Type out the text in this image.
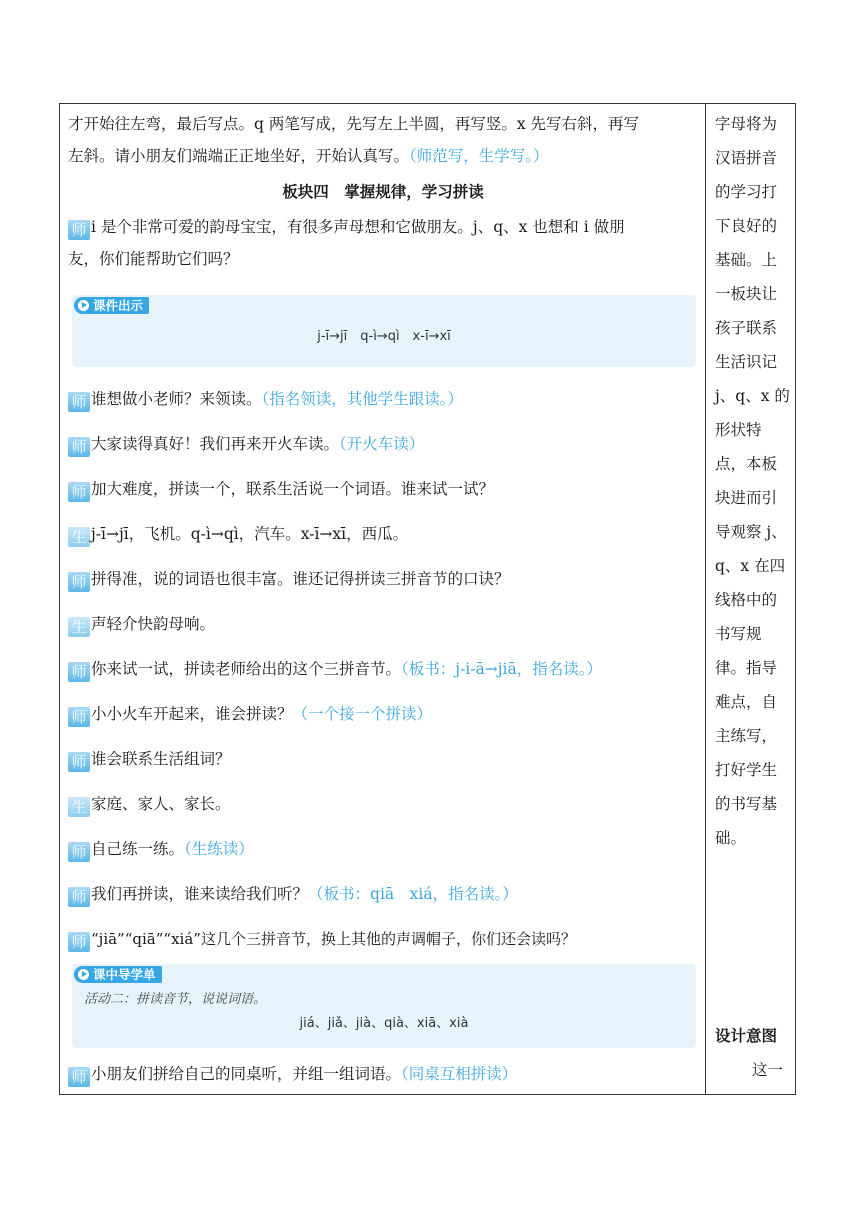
才开始往左弯，最后写点。q 两笔写成，先写左上半圆，再写竖。x 先写右斜，再写
左斜。请小朋友们端端正正地坐好，开始认真写。（师范写，生学写。）
板块四　掌握规律，学习拼读
师 i 是个非常可爱的韵母宝宝，有很多声母想和它做朋友。j、q、x 也想和 i 做朋
友，你们能帮助它们吗？
课件出示
j-ī→jī　q-ì→qì　x-ī→xī
师 谁想做小老师？来领读。（指名领读，其他学生跟读。）
师 大家读得真好！我们再来开火车读。（开火车读）
师 加大难度，拼读一个，联系生活说一个词语。谁来试一试？
生 j-ī→jī，飞机。q-ì→qì，汽车。x-ī→xī，西瓜。
师 拼得准，说的词语也很丰富。谁还记得拼读三拼音节的口诀？
生 声轻介快韵母响。
师 你来试一试，拼读老师给出的这个三拼音节。（板书：j-i-ā→jiā，指名读。）
师 小小火车开起来，谁会拼读？（一个接一个拼读）
师 谁会联系生活组词？
生 家庭、家人、家长。
师 自己练一练。（生练读）
师 我们再拼读，谁来读给我们听？（板书：qiā　xiá，指名读。）
师 “jiā”“qiā”“xiá”这几个三拼音节，换上其他的声调帽子，你们还会读吗？
课中导学单
活动二：拼读音节，说说词语。
jiá、jiǎ、jià、qià、xiā、xià
师 小朋友们拼给自己的同桌听，并组一组词语。（同桌互相拼读）
字母将为
汉语拼音
的学习打
下良好的
基础。上
一板块让
孩子联系
生活识记
j、q、x 的
形状特
点，本板
块进而引
导观察 j、
q、x 在四
线格中的
书写规
律。指导
难点，自
主练写，
打好学生
的书写基
础。
设计意图
这一
